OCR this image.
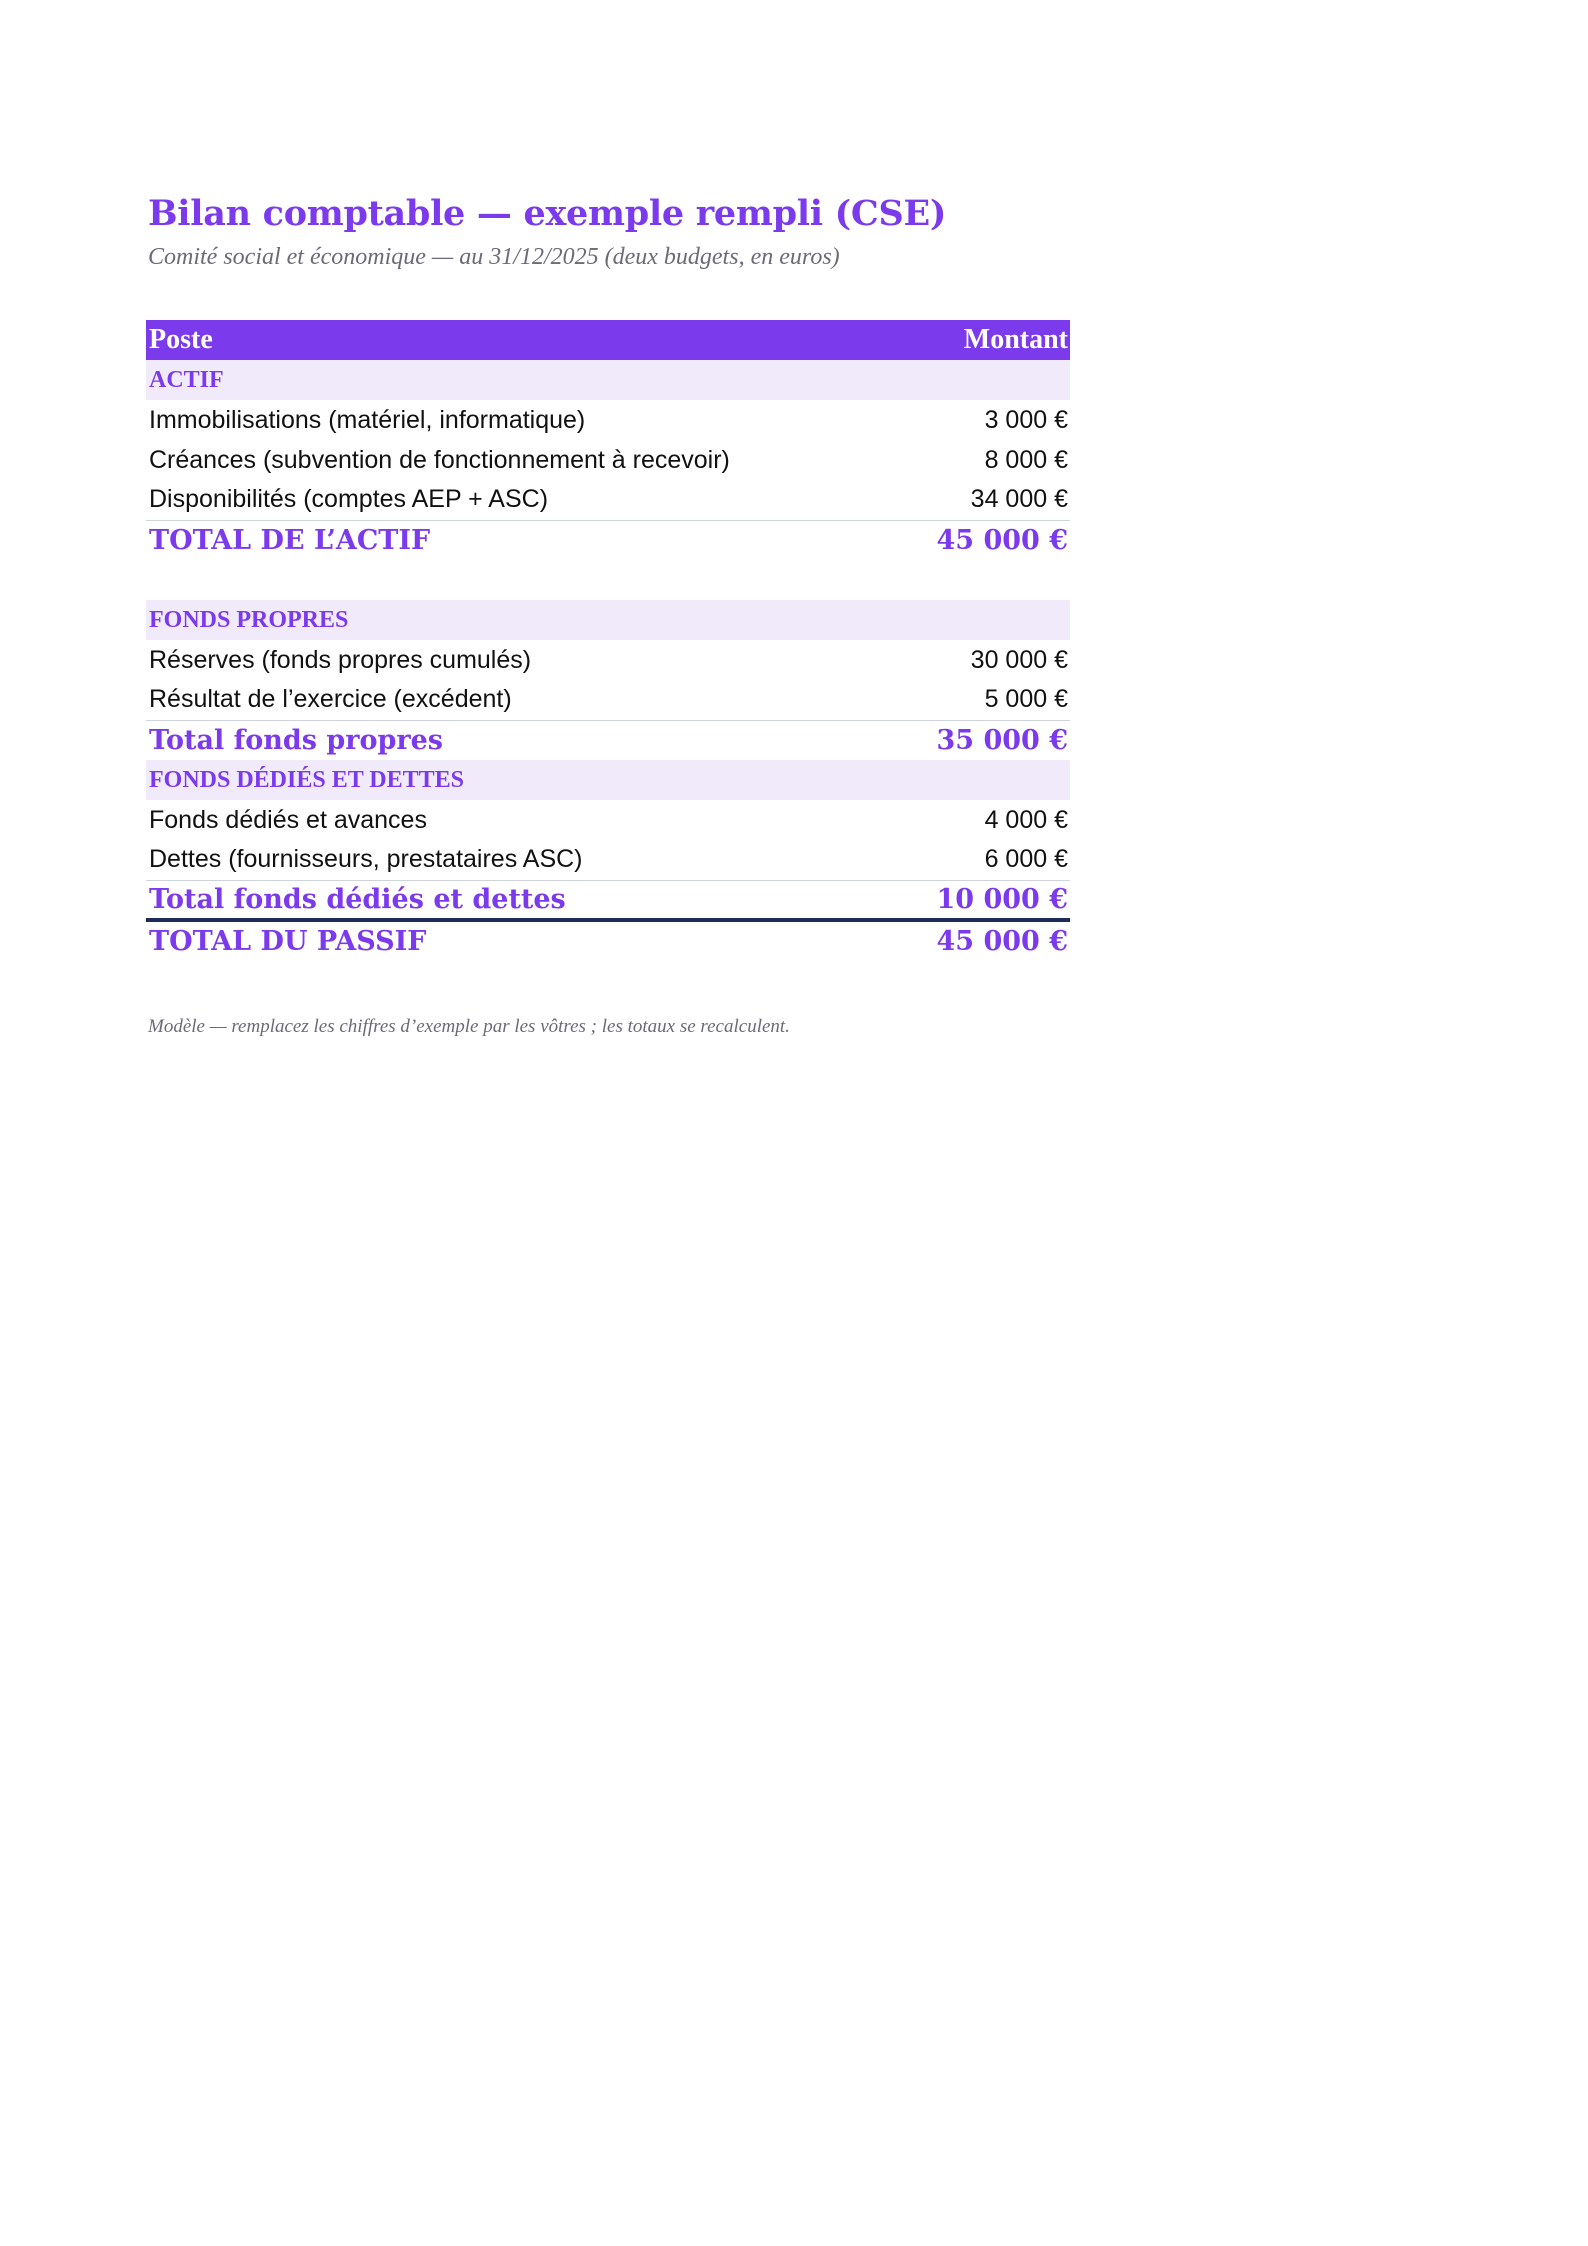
Bilan comptable — exemple rempli (CSE)
Comité social et économique — au 31/12/2025 (deux budgets, en euros)
Poste	Montant
ACTIF	
Immobilisations (matériel, informatique)	3 000 €
Créances (subvention de fonctionnement à recevoir)	8 000 €
Disponibilités (comptes AEP + ASC)	34 000 €
TOTAL DE L’ACTIF	45 000 €

FONDS PROPRES	
Réserves (fonds propres cumulés)	30 000 €
Résultat de l’exercice (excédent)	5 000 €
Total fonds propres	35 000 €
FONDS DÉDIÉS ET DETTES	
Fonds dédiés et avances	4 000 €
Dettes (fournisseurs, prestataires ASC)	6 000 €
Total fonds dédiés et dettes	10 000 €
TOTAL DU PASSIF	45 000 €
Modèle — remplacez les chiffres d’exemple par les vôtres ; les totaux se recalculent.
